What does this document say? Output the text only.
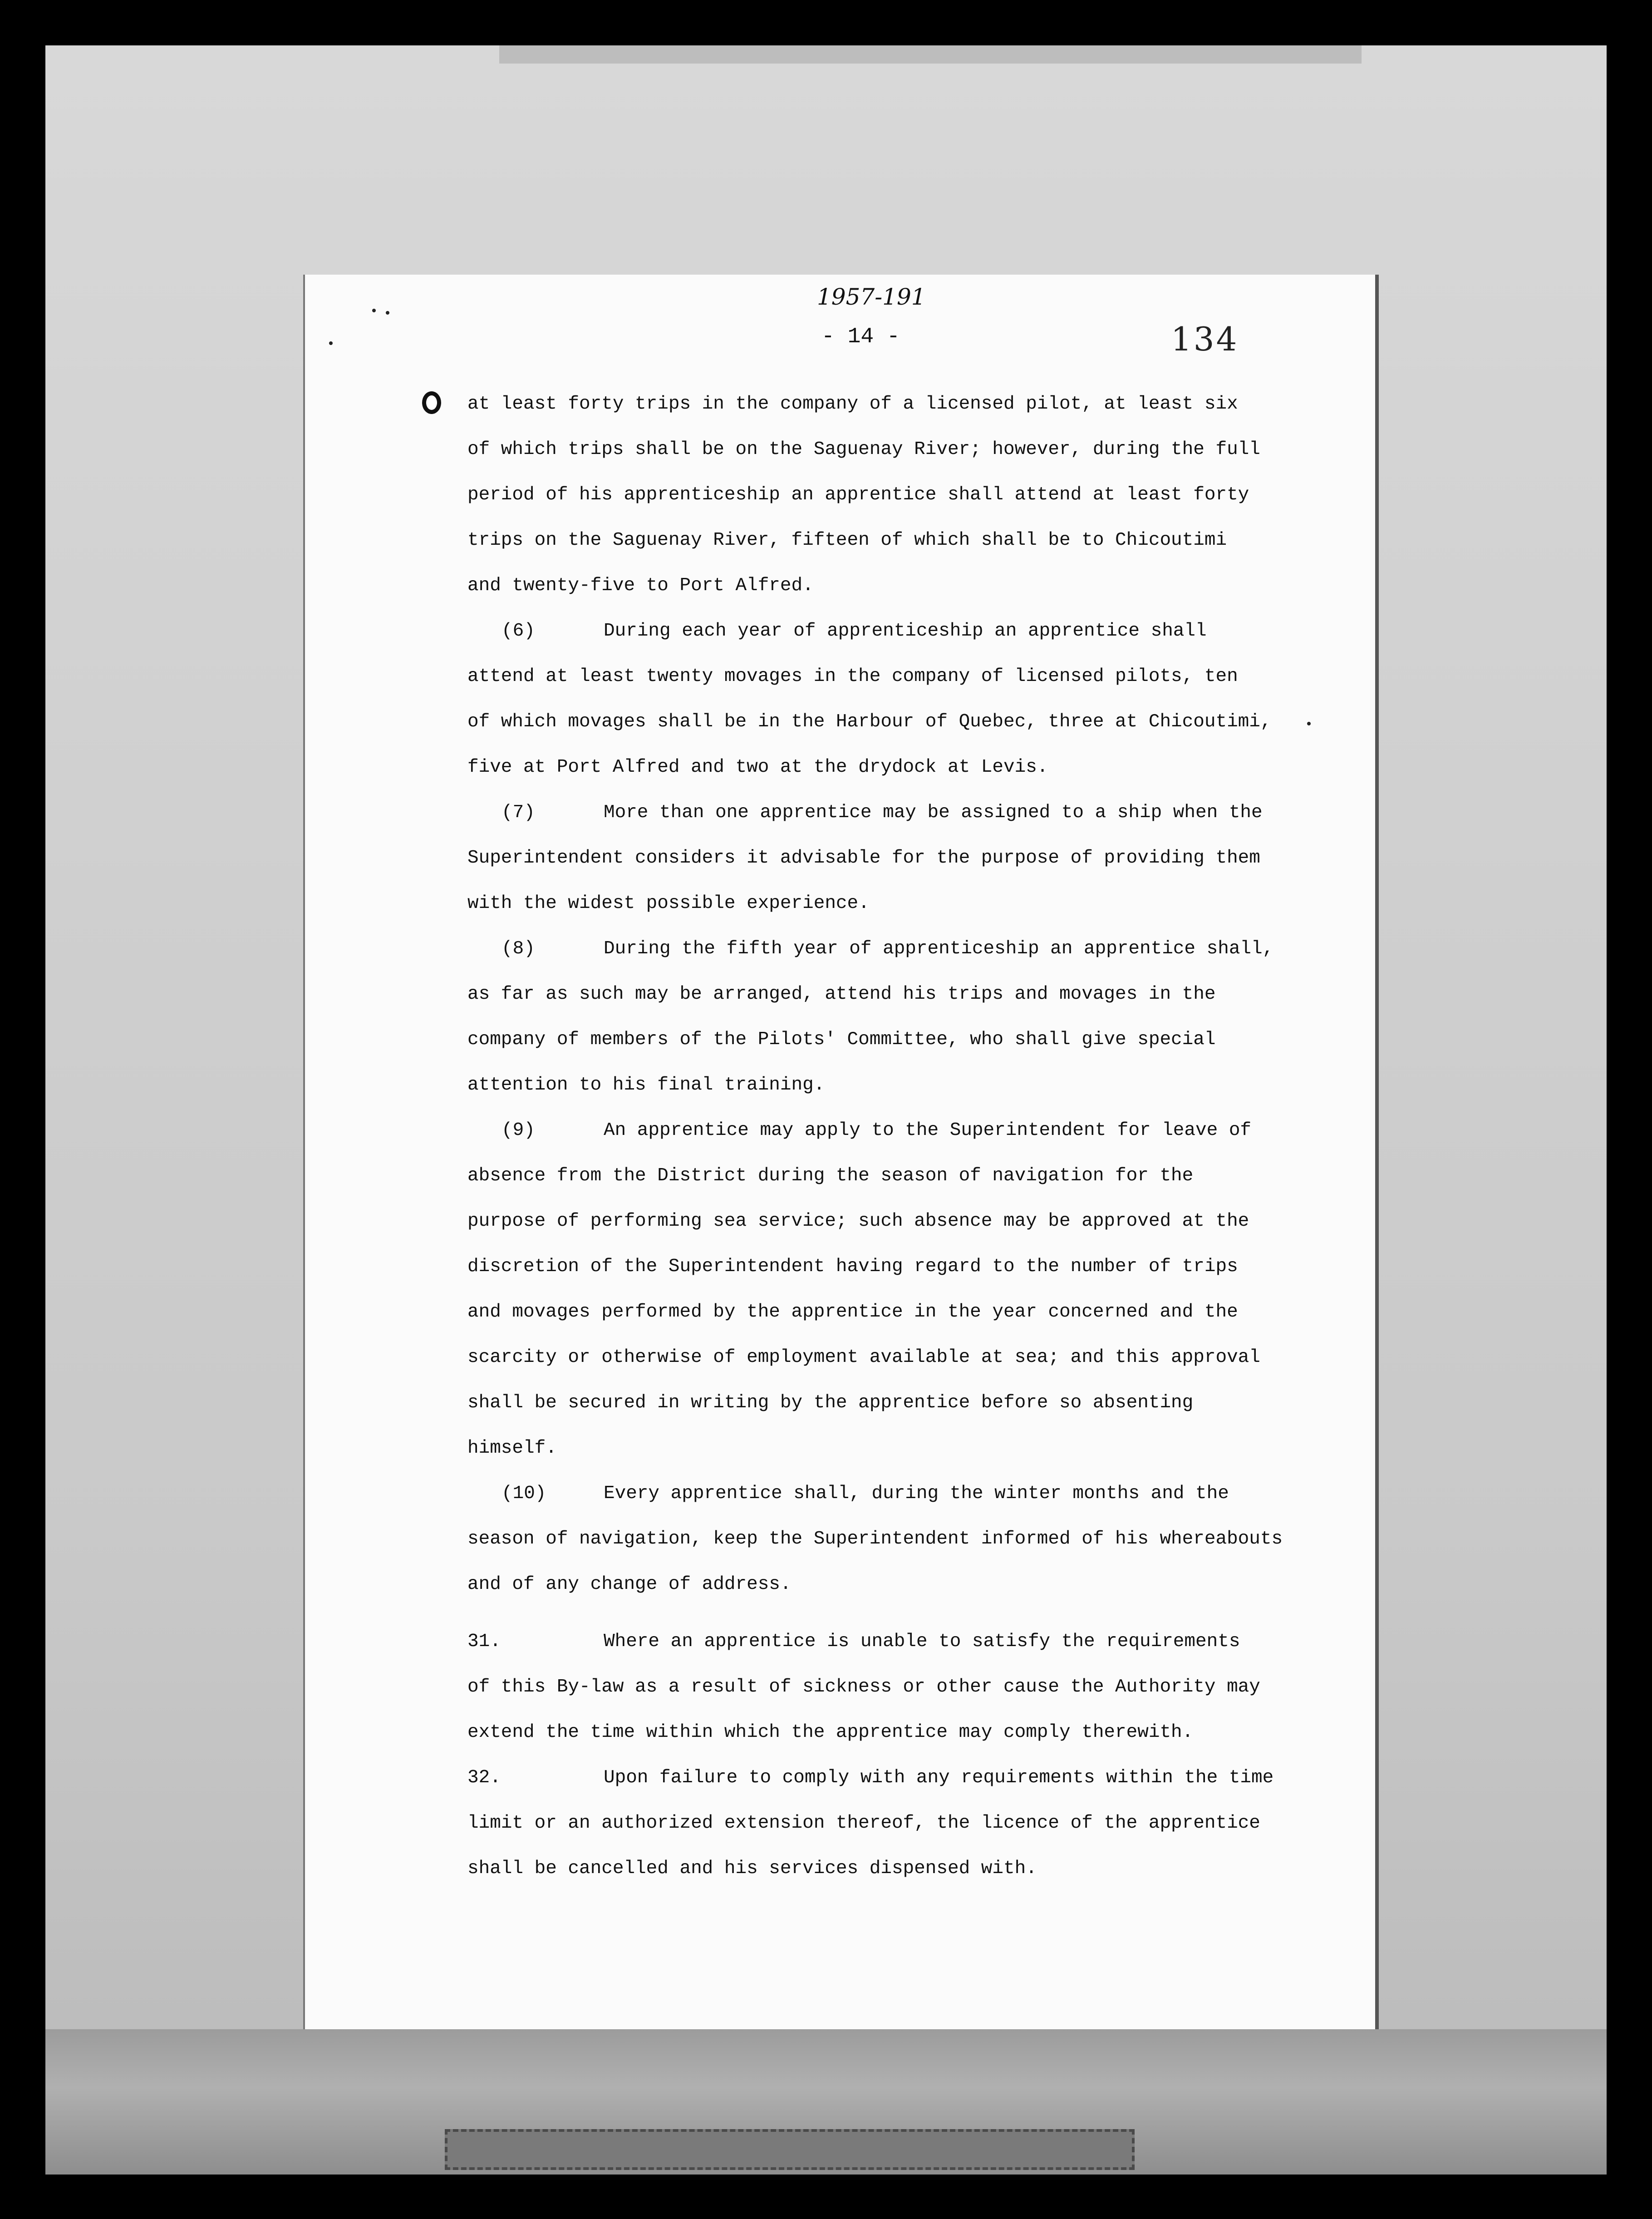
1957-191
- 14 -	134
at least forty trips in the company of a licensed pilot, at least six
of which trips shall be on the Saguenay River; however, during the full
period of his apprenticeship an apprentice shall attend at least forty
trips on the Saguenay River, fifteen of which shall be to Chicoutimi
and twenty-five to Port Alfred.
(6)	During each year of apprenticeship an apprentice shall
attend at least twenty movages in the company of licensed pilots, ten
of which movages shall be in the Harbour of Quebec, three at Chicoutimi,
five at Port Alfred and two at the drydock at Levis.
(7)	More than one apprentice may be assigned to a ship when the
Superintendent considers it advisable for the purpose of providing them
with the widest possible experience.
(8)	During the fifth year of apprenticeship an apprentice shall,
as far as such may be arranged, attend his trips and movages in the
company of members of the Pilots' Committee, who shall give special
attention to his final training.
(9)	An apprentice may apply to the Superintendent for leave of
absence from the District during the season of navigation for the
purpose of performing sea service; such absence may be approved at the
discretion of the Superintendent having regard to the number of trips
and movages performed by the apprentice in the year concerned and the
scarcity or otherwise of employment available at sea; and this approval
shall be secured in writing by the apprentice before so absenting
himself.
(10)	Every apprentice shall, during the winter months and the
season of navigation, keep the Superintendent informed of his whereabouts
and of any change of address.
31.	Where an apprentice is unable to satisfy the requirements
of this By-law as a result of sickness or other cause the Authority may
extend the time within which the apprentice may comply therewith.
32.	Upon failure to comply with any requirements within the time
limit or an authorized extension thereof, the licence of the apprentice
shall be cancelled and his services dispensed with.
